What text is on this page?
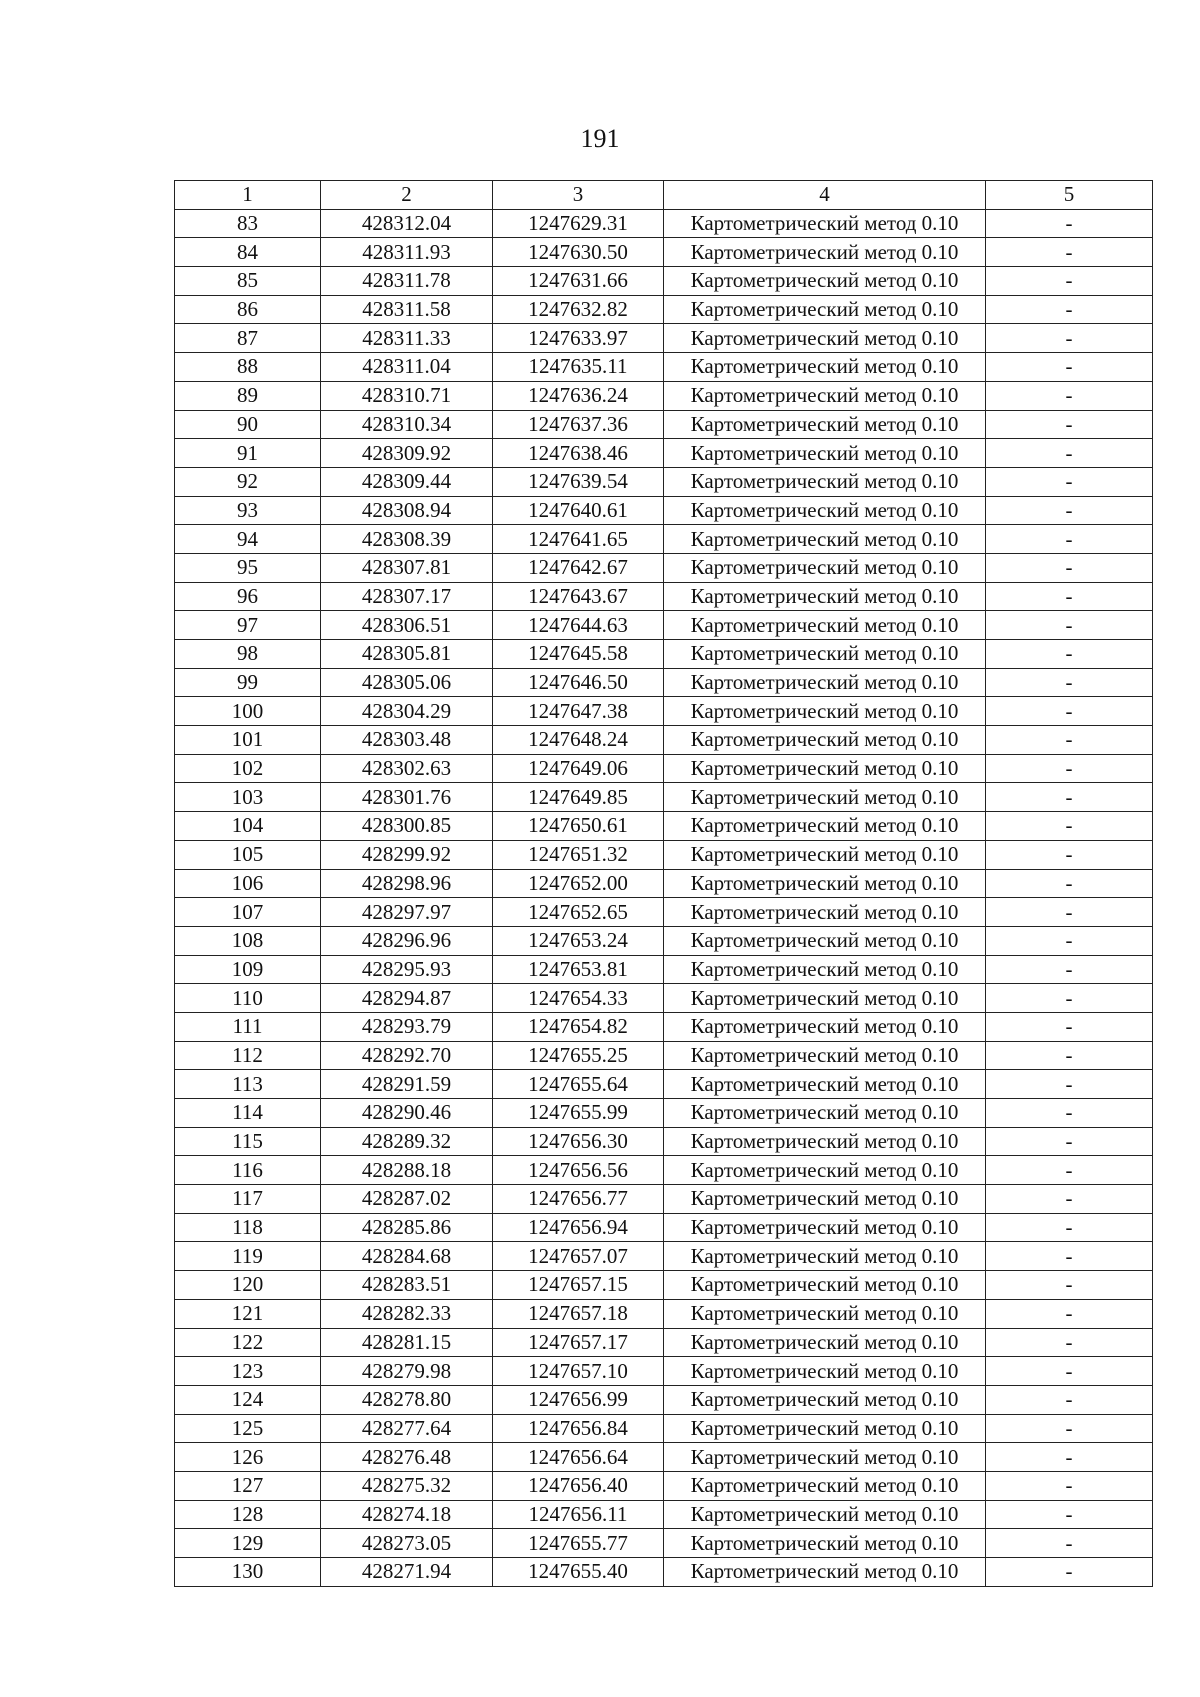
191
1	2	3	4	5
83	428312.04	1247629.31	Картометрический метод 0.10	-
84	428311.93	1247630.50	Картометрический метод 0.10	-
85	428311.78	1247631.66	Картометрический метод 0.10	-
86	428311.58	1247632.82	Картометрический метод 0.10	-
87	428311.33	1247633.97	Картометрический метод 0.10	-
88	428311.04	1247635.11	Картометрический метод 0.10	-
89	428310.71	1247636.24	Картометрический метод 0.10	-
90	428310.34	1247637.36	Картометрический метод 0.10	-
91	428309.92	1247638.46	Картометрический метод 0.10	-
92	428309.44	1247639.54	Картометрический метод 0.10	-
93	428308.94	1247640.61	Картометрический метод 0.10	-
94	428308.39	1247641.65	Картометрический метод 0.10	-
95	428307.81	1247642.67	Картометрический метод 0.10	-
96	428307.17	1247643.67	Картометрический метод 0.10	-
97	428306.51	1247644.63	Картометрический метод 0.10	-
98	428305.81	1247645.58	Картометрический метод 0.10	-
99	428305.06	1247646.50	Картометрический метод 0.10	-
100	428304.29	1247647.38	Картометрический метод 0.10	-
101	428303.48	1247648.24	Картометрический метод 0.10	-
102	428302.63	1247649.06	Картометрический метод 0.10	-
103	428301.76	1247649.85	Картометрический метод 0.10	-
104	428300.85	1247650.61	Картометрический метод 0.10	-
105	428299.92	1247651.32	Картометрический метод 0.10	-
106	428298.96	1247652.00	Картометрический метод 0.10	-
107	428297.97	1247652.65	Картометрический метод 0.10	-
108	428296.96	1247653.24	Картометрический метод 0.10	-
109	428295.93	1247653.81	Картометрический метод 0.10	-
110	428294.87	1247654.33	Картометрический метод 0.10	-
111	428293.79	1247654.82	Картометрический метод 0.10	-
112	428292.70	1247655.25	Картометрический метод 0.10	-
113	428291.59	1247655.64	Картометрический метод 0.10	-
114	428290.46	1247655.99	Картометрический метод 0.10	-
115	428289.32	1247656.30	Картометрический метод 0.10	-
116	428288.18	1247656.56	Картометрический метод 0.10	-
117	428287.02	1247656.77	Картометрический метод 0.10	-
118	428285.86	1247656.94	Картометрический метод 0.10	-
119	428284.68	1247657.07	Картометрический метод 0.10	-
120	428283.51	1247657.15	Картометрический метод 0.10	-
121	428282.33	1247657.18	Картометрический метод 0.10	-
122	428281.15	1247657.17	Картометрический метод 0.10	-
123	428279.98	1247657.10	Картометрический метод 0.10	-
124	428278.80	1247656.99	Картометрический метод 0.10	-
125	428277.64	1247656.84	Картометрический метод 0.10	-
126	428276.48	1247656.64	Картометрический метод 0.10	-
127	428275.32	1247656.40	Картометрический метод 0.10	-
128	428274.18	1247656.11	Картометрический метод 0.10	-
129	428273.05	1247655.77	Картометрический метод 0.10	-
130	428271.94	1247655.40	Картометрический метод 0.10	-
